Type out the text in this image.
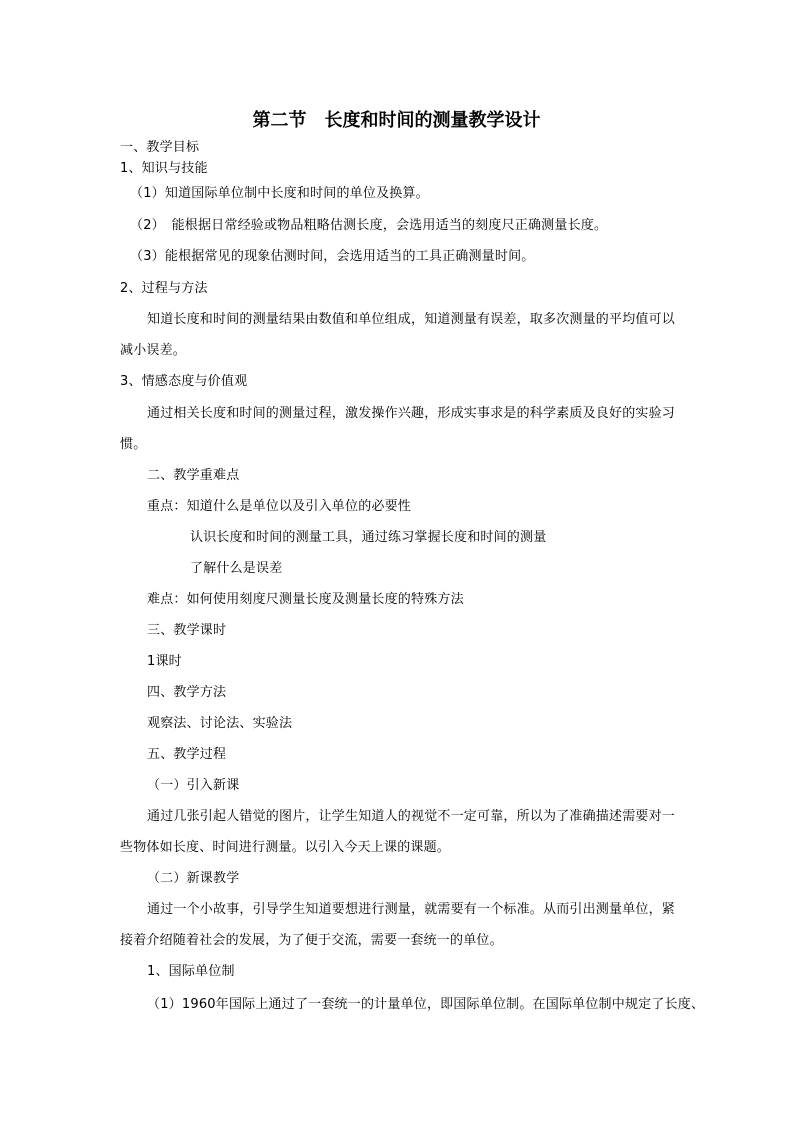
第二节 长度和时间的测量教学设计
一、教学目标
1、知识与技能
（1）知道国际单位制中长度和时间的单位及换算。
（2）　能根据日常经验或物品粗略估测长度，会选用适当的刻度尺正确测量长度。
（3）能根据常见的现象估测时间，会选用适当的工具正确测量时间。
2、过程与方法
知道长度和时间的测量结果由数值和单位组成，知道测量有误差，取多次测量的平均值可以
减小误差。
3、情感态度与价值观
通过相关长度和时间的测量过程，激发操作兴趣，形成实事求是的科学素质及良好的实验习
惯。
二、教学重难点
重点：知道什么是单位以及引入单位的必要性
认识长度和时间的测量工具，通过练习掌握长度和时间的测量
了解什么是误差
难点：如何使用刻度尺测量长度及测量长度的特殊方法
三、教学课时
1课时
四、教学方法
观察法、讨论法、实验法
五、教学过程
（一）引入新课
通过几张引起人错觉的图片，让学生知道人的视觉不一定可靠，所以为了准确描述需要对一
些物体如长度、时间进行测量。以引入今天上课的课题。
（二）新课教学
通过一个小故事，引导学生知道要想进行测量，就需要有一个标准。从而引出测量单位，紧
接着介绍随着社会的发展，为了便于交流，需要一套统一的单位。
1、国际单位制
（1）1960年国际上通过了一套统一的计量单位，即国际单位制。在国际单位制中规定了长度、
